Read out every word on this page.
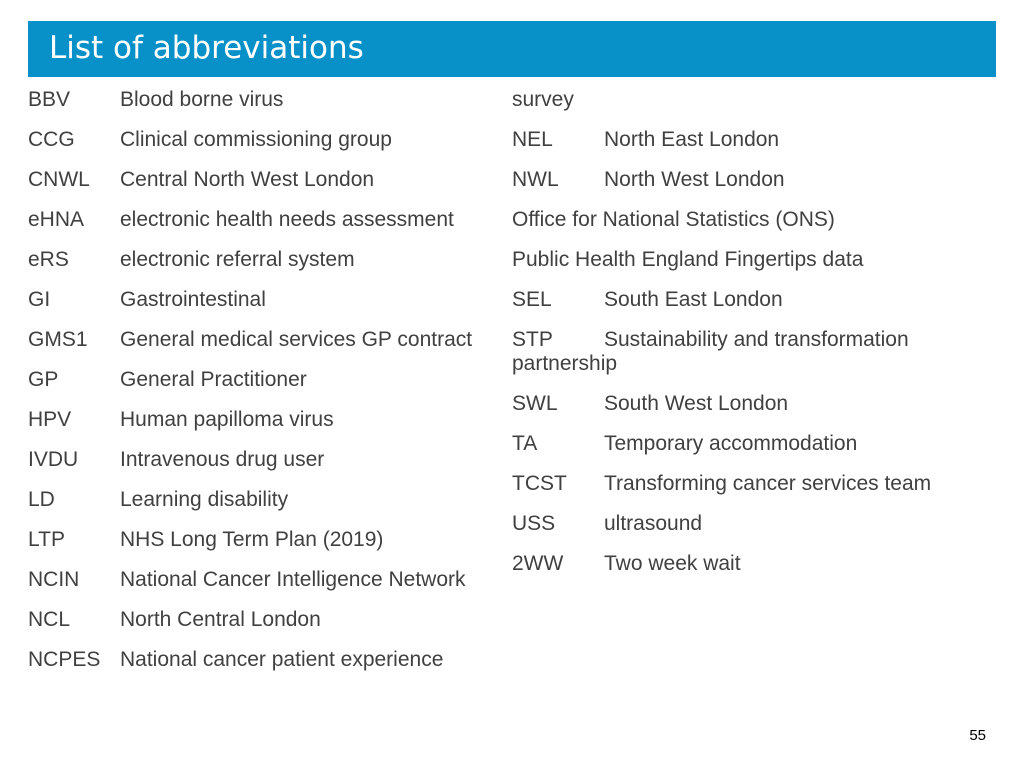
List of abbreviations
BBV Blood borne virus
CCG Clinical commissioning group
CNWL Central North West London
eHNA electronic health needs assessment
eRS electronic referral system
GI	Gastrointestinal
GMS1 General medical services GP contract
GP	General Practitioner
HPV Human papilloma virus
IVDU Intravenous drug user
LD	Learning disability
LTP	NHS Long Term Plan (2019)
NCIN National Cancer Intelligence Network
NCL North Central London
NCPES National cancer patient experience
survey
NEL North East London
NWL North West London
Office for National Statistics (ONS)
Public Health England Fingertips data
SEL South East London
STP Sustainability and transformation partnership
SWL South West London
TA	Temporary accommodation
TCST Transforming cancer services team
USS ultrasound
2WW Two week wait
55
